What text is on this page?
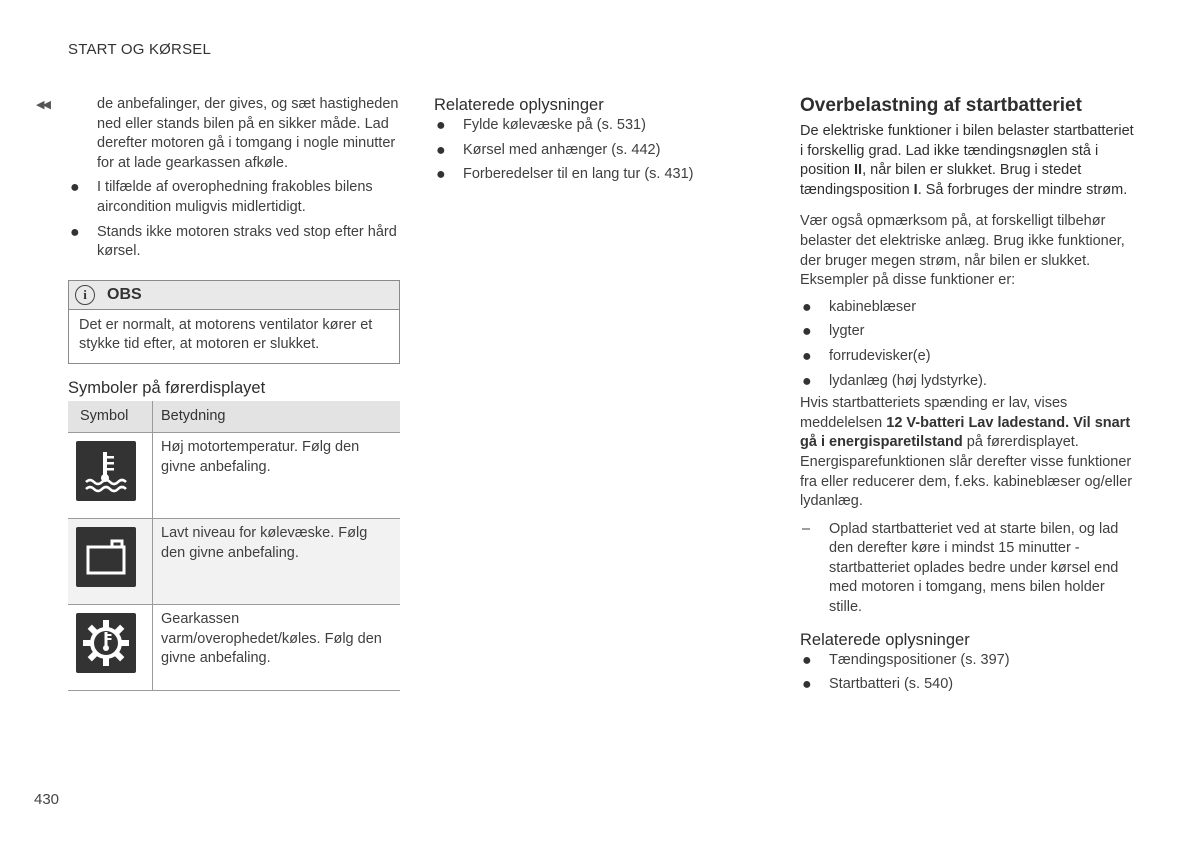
START OG KØRSEL
◀◀	de anbefalinger, der gives, og sæt hastigheden ned eller stands bilen på en sikker måde. Lad derefter motoren gå i tomgang i nogle minutter for at lade gearkassen afkøle.

● I tilfælde af overophedning frakobles bilens aircondition muligvis midlertidigt.
● Stands ikke motoren straks ved stop efter hård kørsel.
i	OBS
Det er normalt, at motorens ventilator kører et stykke tid efter, at motoren er slukket.
Symboler på førerdisplayet
Symbol	Betydning

	Høj motortemperatur. Følg den givne anbefaling.

	Lavt niveau for kølevæske. Følg den givne anbefaling.

	Gearkassen varm/overophedet/køles. Følg den givne anbefaling.
Relaterede oplysninger
● Fylde kølevæske på (s. 531)
● Kørsel med anhænger (s. 442)
● Forberedelser til en lang tur (s. 431)
Overbelastning af startbatteriet

De elektriske funktioner i bilen belaster startbatteriet i forskellig grad. Lad ikke tændingsnøglen stå i position II, når bilen er slukket. Brug i stedet tændingsposition I. Så forbruges der mindre strøm.

Vær også opmærksom på, at forskelligt tilbehør belaster det elektriske anlæg. Brug ikke funktioner, der bruger megen strøm, når bilen er slukket. Eksempler på disse funktioner er:

● kabineblæser
● lygter
● forrudevisker(e)
● lydanlæg (høj lydstyrke).

Hvis startbatteriets spænding er lav, vises meddelelsen 12 V-batteri Lav ladestand. Vil snart gå i energisparetilstand på førerdisplayet. Energisparefunktionen slår derefter visse funktioner fra eller reducerer dem, f.eks. kabineblæser og/eller lydanlæg.

– Oplad startbatteriet ved at starte bilen, og lad den derefter køre i mindst 15 minutter - startbatteriet oplades bedre under kørsel end med motoren i tomgang, mens bilen holder stille.
Relaterede oplysninger
● Tændingspositioner (s. 397)
● Startbatteri (s. 540)
430
